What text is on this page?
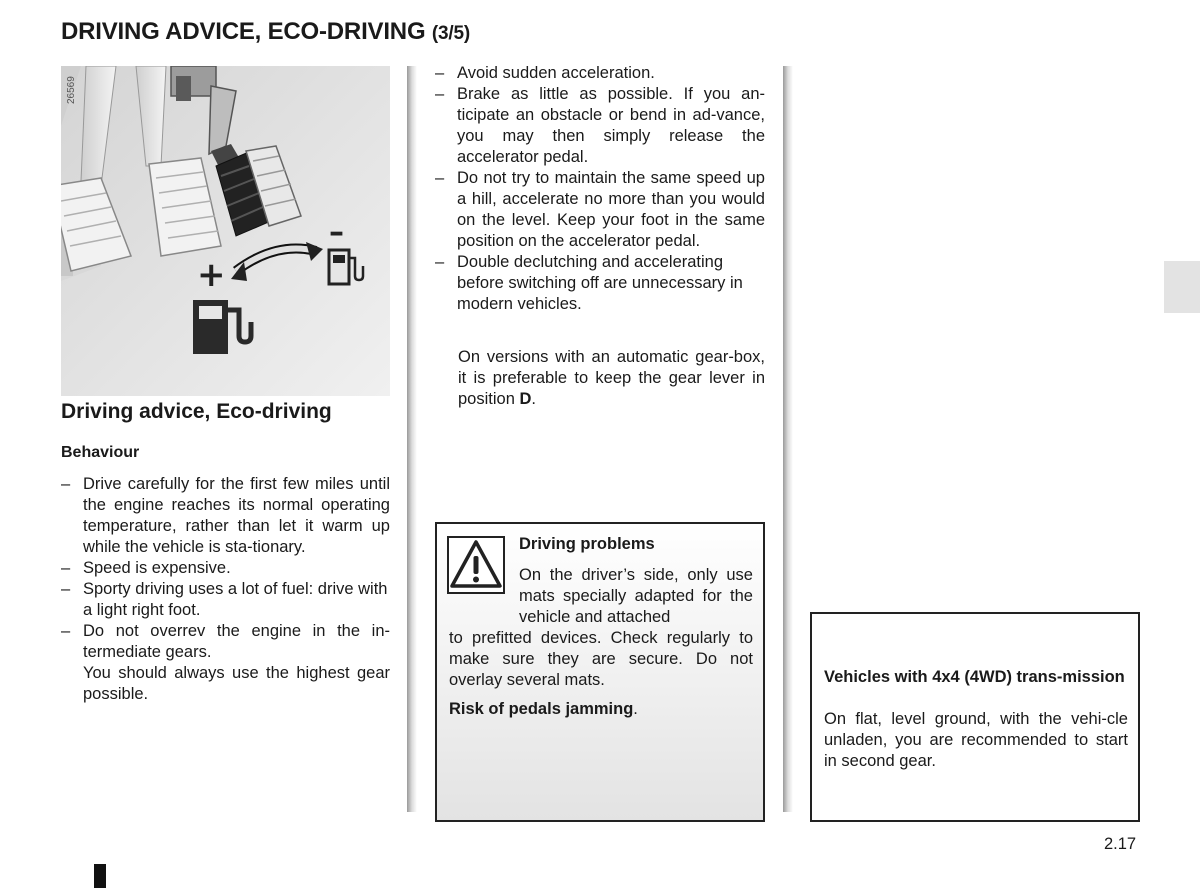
DRIVING ADVICE, ECO-DRIVING (3/5)
+
–
26569
Driving advice, Eco-driving
Behaviour
– Drive carefully for the first few miles until the engine reaches its normal operating temperature, rather than let it warm up while the vehicle is sta-tionary.
– Speed is expensive.
– Sporty driving uses a lot of fuel: drive with a light right foot.
– Do not overrev the engine in the in-termediate gears.
You should always use the highest gear possible.
– Avoid sudden acceleration.
– Brake as little as possible. If you an-ticipate an obstacle or bend in ad-vance, you may then simply release the accelerator pedal.
– Do not try to maintain the same speed up a hill, accelerate no more than you would on the level. Keep your foot in the same position on the accelerator pedal.
– Double declutching and accelerating before switching off are unnecessary in modern vehicles.
On versions with an automatic gear-box, it is preferable to keep the gear lever in position D.
Driving problems
On the driver’s side, only use mats specially adapted for the vehicle and attached
to prefitted devices. Check regularly to make sure they are secure. Do not overlay several mats.
Risk of pedals jamming.
Vehicles with 4x4 (4WD) trans-mission
On flat, level ground, with the vehi-cle unladen, you are recommended to start in second gear.
2.17
